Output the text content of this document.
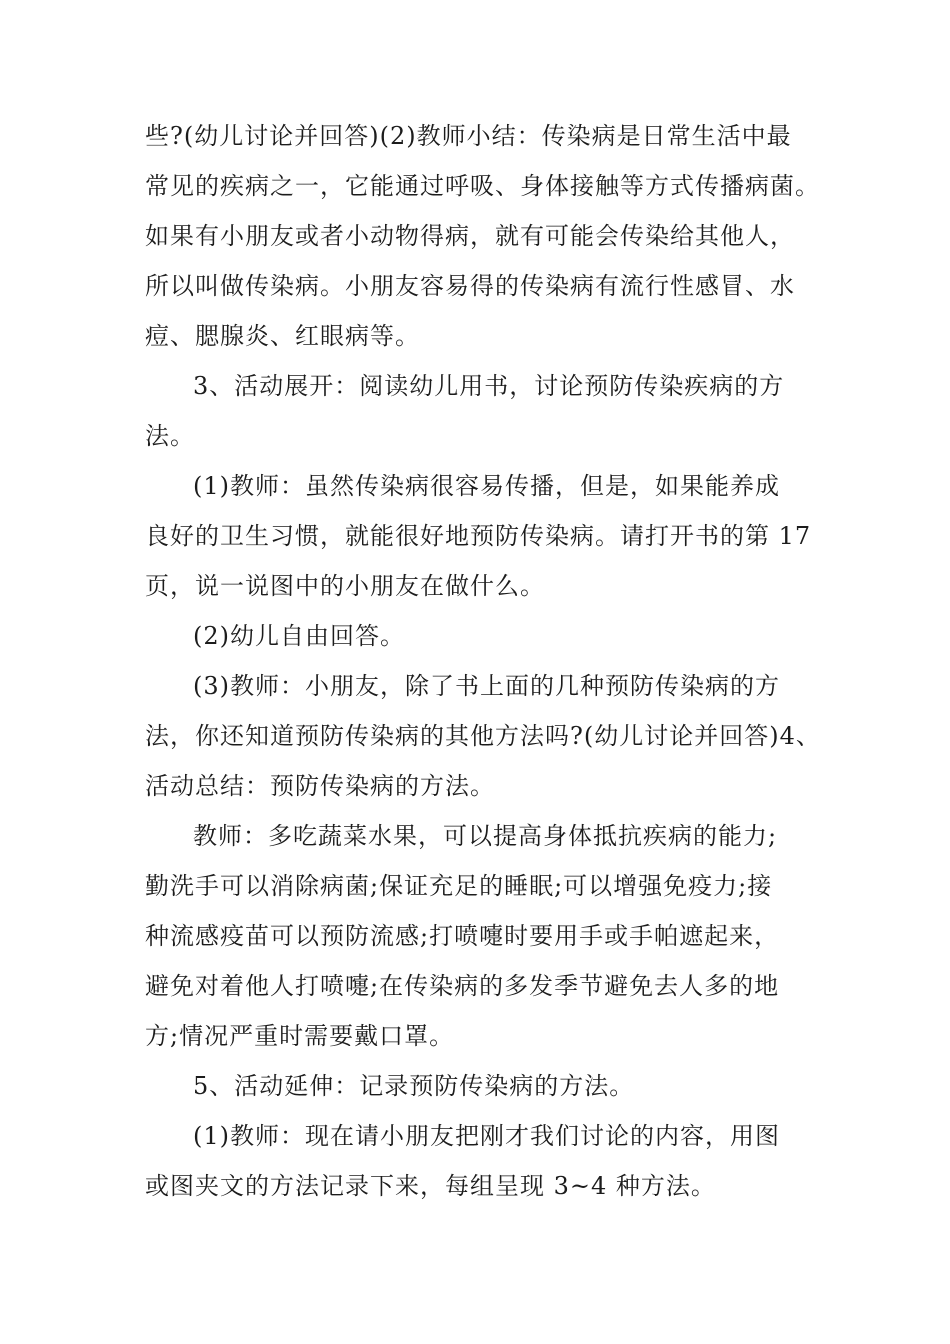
些?(幼儿讨论并回答)(2)教师小结：传染病是日常生活中最
常见的疾病之一，它能通过呼吸、身体接触等方式传播病菌。
如果有小朋友或者小动物得病，就有可能会传染给其他人，
所以叫做传染病。小朋友容易得的传染病有流行性感冒、水
痘、腮腺炎、红眼病等。
3、活动展开：阅读幼儿用书，讨论预防传染疾病的方
法。
(1)教师：虽然传染病很容易传播，但是，如果能养成
良好的卫生习惯，就能很好地预防传染病。请打开书的第 17
页，说一说图中的小朋友在做什么。
(2)幼儿自由回答。
(3)教师：小朋友，除了书上面的几种预防传染病的方
法，你还知道预防传染病的其他方法吗?(幼儿讨论并回答)4、
活动总结：预防传染病的方法。
教师：多吃蔬菜水果，可以提高身体抵抗疾病的能力;
勤洗手可以消除病菌;保证充足的睡眠;可以增强免疫力;接
种流感疫苗可以预防流感;打喷嚏时要用手或手帕遮起来，
避免对着他人打喷嚏;在传染病的多发季节避免去人多的地
方;情况严重时需要戴口罩。
5、活动延伸：记录预防传染病的方法。
(1)教师：现在请小朋友把刚才我们讨论的内容，用图
或图夹文的方法记录下来，每组呈现 3~4 种方法。
